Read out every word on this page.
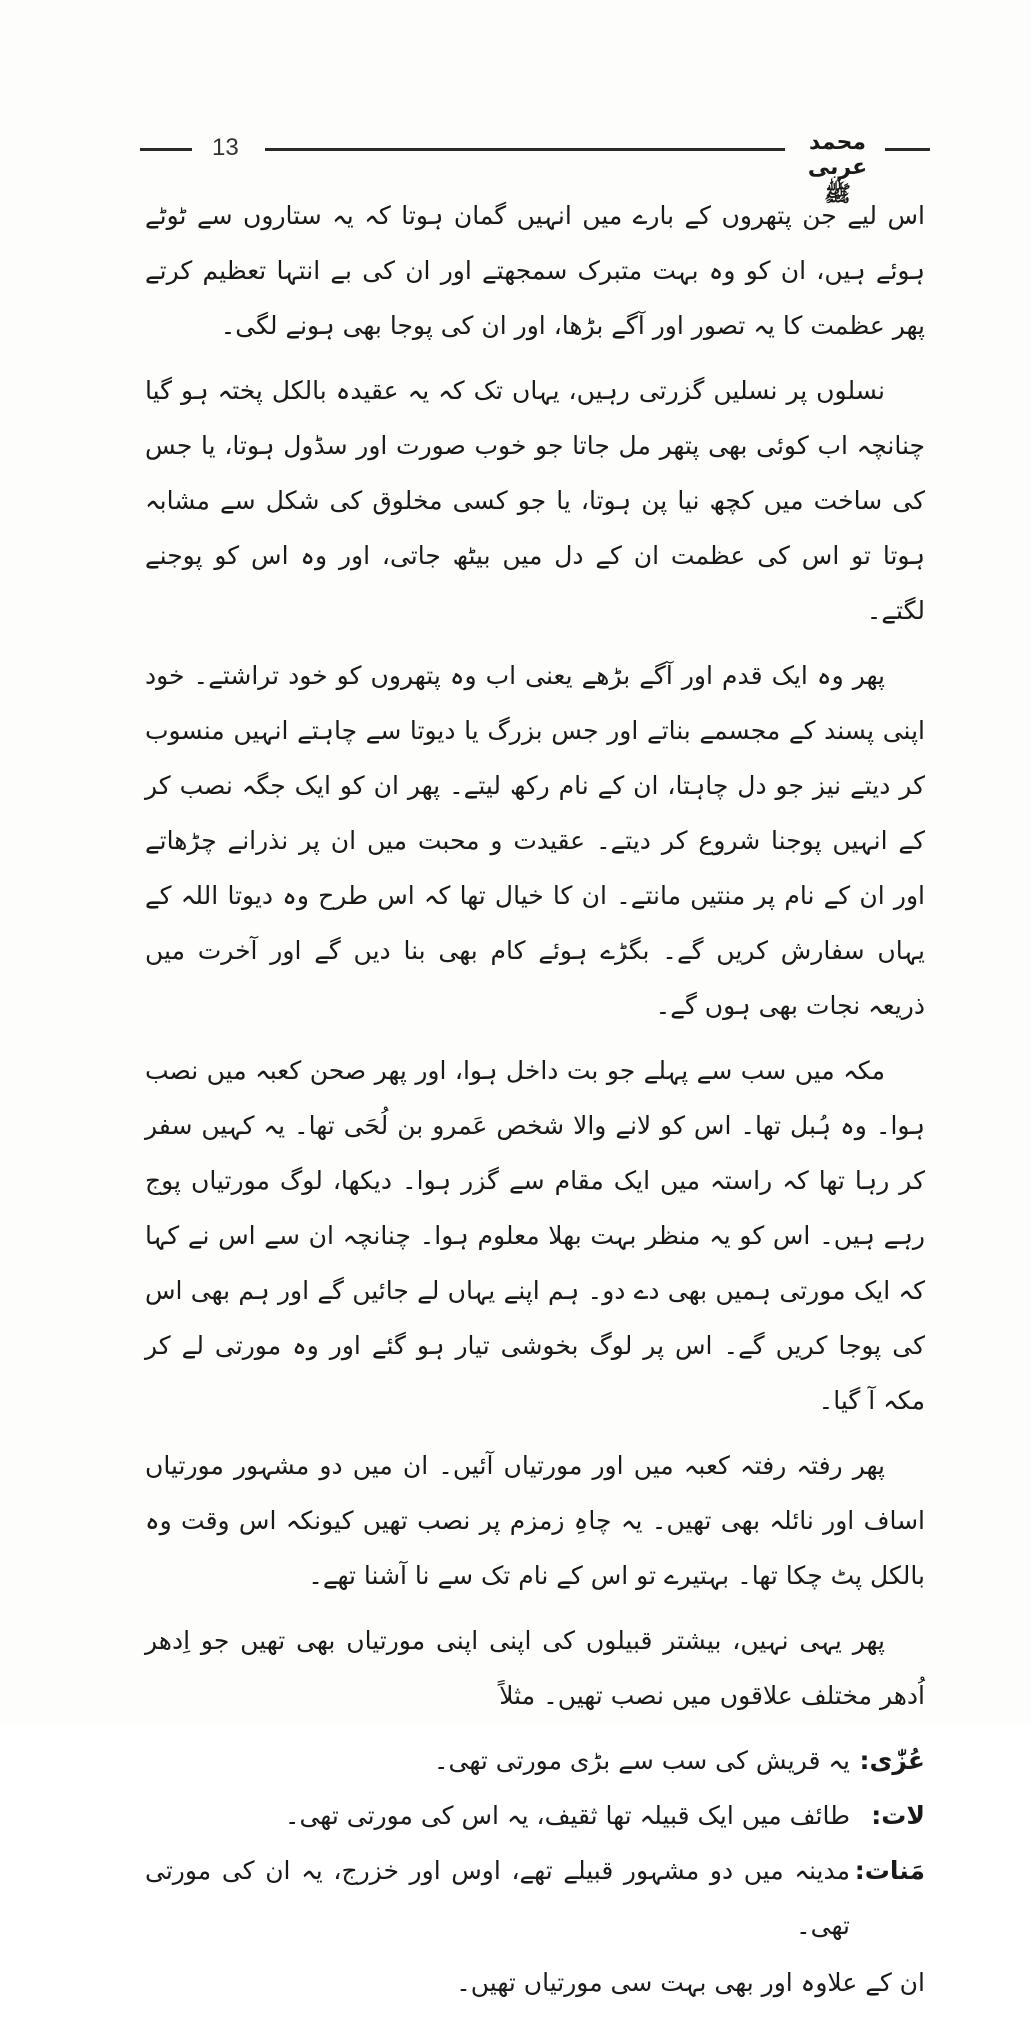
13	محمد عربی ﷺ

اس لیے جن پتھروں کے بارے میں انہیں گمان ہوتا کہ یہ ستاروں سے ٹوٹے ہوئے ہیں، ان کو وہ بہت متبرک سمجھتے اور ان کی بے انتہا تعظیم کرتے پھر عظمت کا یہ تصور اور آگے بڑھا، اور ان کی پوجا بھی ہونے لگی۔

نسلوں پر نسلیں گزرتی رہیں، یہاں تک کہ یہ عقیدہ بالکل پختہ ہو گیا چنانچہ اب کوئی بھی پتھر مل جاتا جو خوب صورت اور سڈول ہوتا، یا جس کی ساخت میں کچھ نیا پن ہوتا، یا جو کسی مخلوق کی شکل سے مشابہ ہوتا تو اس کی عظمت ان کے دل میں بیٹھ جاتی، اور وہ اس کو پوجنے لگتے۔

پھر وہ ایک قدم اور آگے بڑھے یعنی اب وہ پتھروں کو خود تراشتے۔ خود اپنی پسند کے مجسمے بناتے اور جس بزرگ یا دیوتا سے چاہتے انہیں منسوب کر دیتے نیز جو دل چاہتا، ان کے نام رکھ لیتے۔ پھر ان کو ایک جگہ نصب کر کے انہیں پوجنا شروع کر دیتے۔ عقیدت و محبت میں ان پر نذرانے چڑھاتے اور ان کے نام پر منتیں مانتے۔ ان کا خیال تھا کہ اس طرح وہ دیوتا اللہ کے یہاں سفارش کریں گے۔ بگڑے ہوئے کام بھی بنا دیں گے اور آخرت میں ذریعہ نجات بھی ہوں گے۔

مکہ میں سب سے پہلے جو بت داخل ہوا، اور پھر صحن کعبہ میں نصب ہوا۔ وہ ہُبل تھا۔ اس کو لانے والا شخص عَمرو بن لُحَی تھا۔ یہ کہیں سفر کر رہا تھا کہ راستہ میں ایک مقام سے گزر ہوا۔ دیکھا، لوگ مورتیاں پوج رہے ہیں۔ اس کو یہ منظر بہت بھلا معلوم ہوا۔ چنانچہ ان سے اس نے کہا کہ ایک مورتی ہمیں بھی دے دو۔ ہم اپنے یہاں لے جائیں گے اور ہم بھی اس کی پوجا کریں گے۔ اس پر لوگ بخوشی تیار ہو گئے اور وہ مورتی لے کر مکہ آ گیا۔

پھر رفتہ رفتہ کعبہ میں اور مورتیاں آئیں۔ ان میں دو مشہور مورتیاں اساف اور نائلہ بھی تھیں۔ یہ چاہِ زمزم پر نصب تھیں کیونکہ اس وقت وہ بالکل پٹ چکا تھا۔ بہتیرے تو اس کے نام تک سے نا آشنا تھے۔

پھر یہی نہیں، بیشتر قبیلوں کی اپنی اپنی مورتیاں بھی تھیں جو اِدھر اُدھر مختلف علاقوں میں نصب تھیں۔ مثلاً

عُزّٰی:
یہ قریش کی سب سے بڑی مورتی تھی۔
لات:
طائف میں ایک قبیلہ تھا ثقیف، یہ اس کی مورتی تھی۔
مَنات:
مدینہ میں دو مشہور قبیلے تھے، اوس اور خزرج، یہ ان کی مورتی تھی۔

ان کے علاوہ اور بھی بہت سی مورتیاں تھیں۔
